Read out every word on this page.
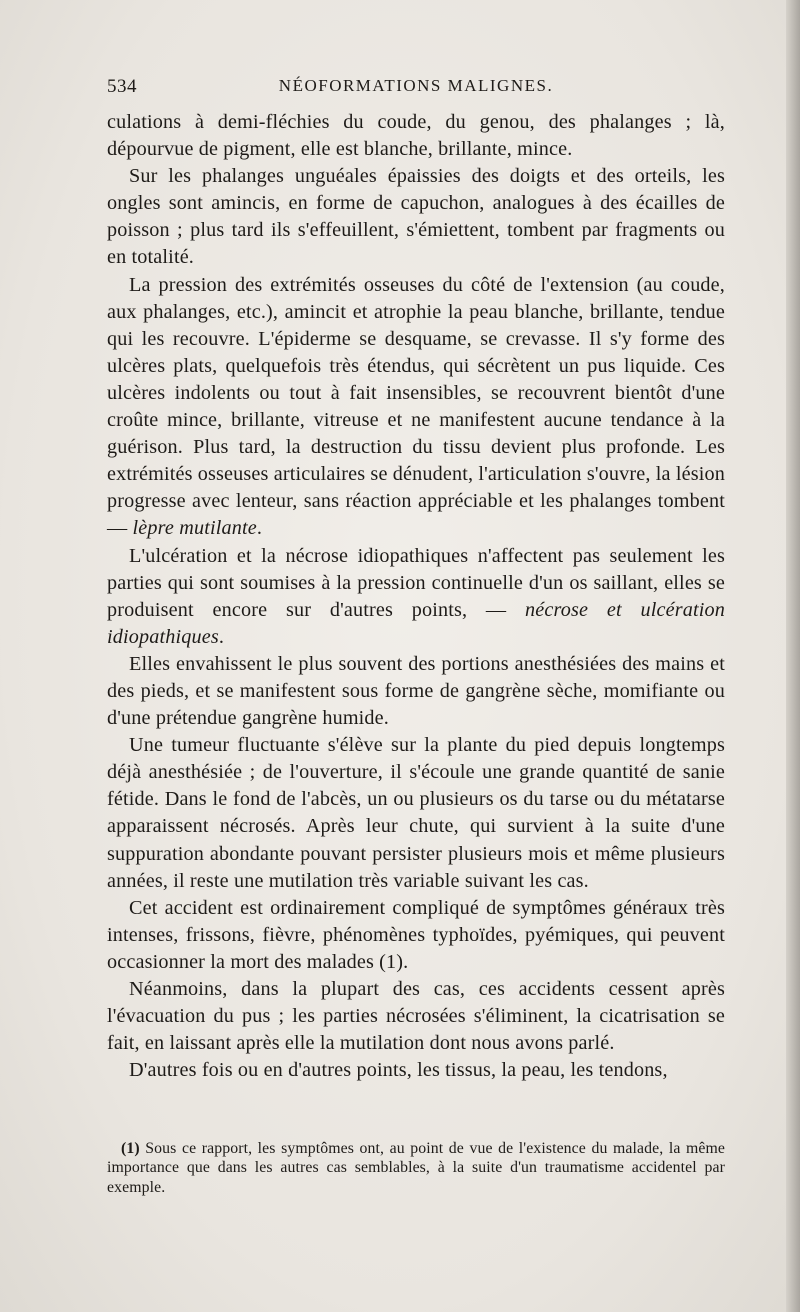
534	NÉOFORMATIONS MALIGNES.

culations à demi-fléchies du coude, du genou, des phalanges ; là, dépourvue de pigment, elle est blanche, brillante, mince.

Sur les phalanges unguéales épaissies des doigts et des orteils, les ongles sont amincis, en forme de capuchon, analogues à des écailles de poisson ; plus tard ils s'effeuillent, s'émiettent, tombent par fragments ou en totalité.

La pression des extrémités osseuses du côté de l'extension (au coude, aux phalanges, etc.), amincit et atrophie la peau blanche, brillante, tendue qui les recouvre. L'épiderme se desquame, se crevasse. Il s'y forme des ulcères plats, quelquefois très étendus, qui sécrètent un pus liquide. Ces ulcères indolents ou tout à fait insensibles, se recouvrent bientôt d'une croûte mince, brillante, vitreuse et ne manifestent aucune tendance à la guérison. Plus tard, la destruction du tissu devient plus profonde. Les extrémités osseuses articulaires se dénudent, l'articulation s'ouvre, la lésion progresse avec lenteur, sans réaction appréciable et les phalanges tombent — lèpre mutilante.

L'ulcération et la nécrose idiopathiques n'affectent pas seulement les parties qui sont soumises à la pression continuelle d'un os saillant, elles se produisent encore sur d'autres points, — nécrose et ulcération idiopathiques.

Elles envahissent le plus souvent des portions anesthésiées des mains et des pieds, et se manifestent sous forme de gangrène sèche, momifiante ou d'une prétendue gangrène humide.

Une tumeur fluctuante s'élève sur la plante du pied depuis longtemps déjà anesthésiée ; de l'ouverture, il s'écoule une grande quantité de sanie fétide. Dans le fond de l'abcès, un ou plusieurs os du tarse ou du métatarse apparaissent nécrosés. Après leur chute, qui survient à la suite d'une suppuration abondante pouvant persister plusieurs mois et même plusieurs années, il reste une mutilation très variable suivant les cas.

Cet accident est ordinairement compliqué de symptômes généraux très intenses, frissons, fièvre, phénomènes typhoïdes, pyémiques, qui peuvent occasionner la mort des malades (1).

Néanmoins, dans la plupart des cas, ces accidents cessent après l'évacuation du pus ; les parties nécrosées s'éliminent, la cicatrisation se fait, en laissant après elle la mutilation dont nous avons parlé.

D'autres fois ou en d'autres points, les tissus, la peau, les tendons,

(1) Sous ce rapport, les symptômes ont, au point de vue de l'existence du malade, la même importance que dans les autres cas semblables, à la suite d'un traumatisme accidentel par exemple.
